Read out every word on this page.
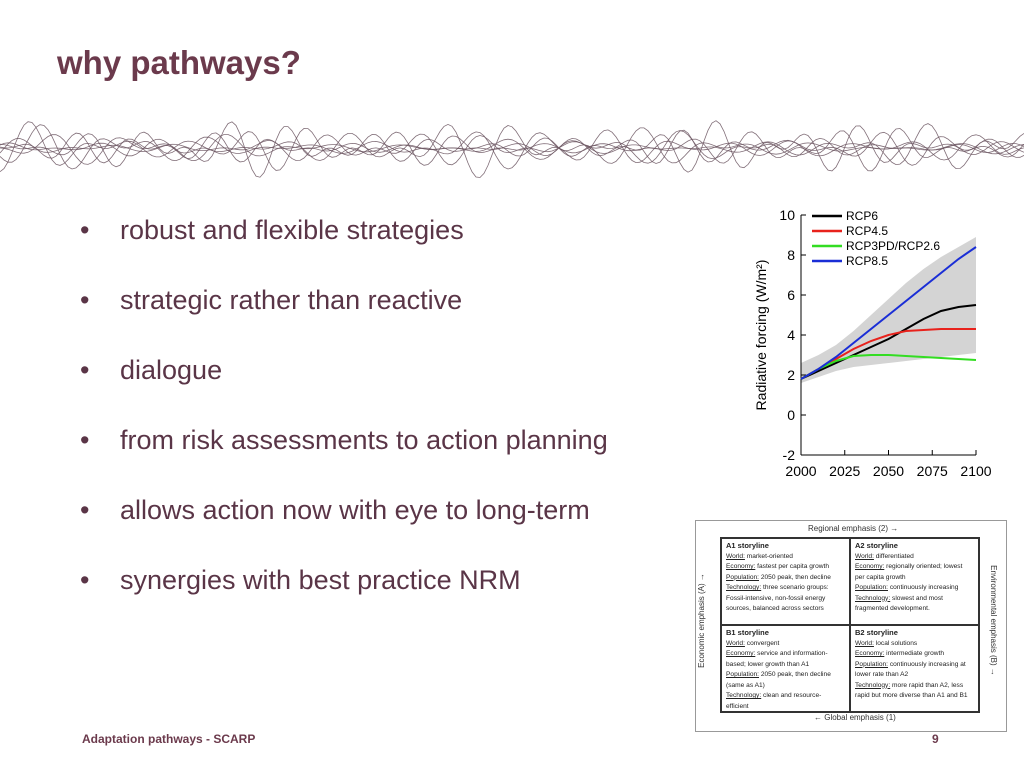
why pathways?
• robust and flexible strategies
• strategic rather than reactive
• dialogue
• from risk assessments to action planning
• allows action now with eye to long-term
• synergies with best practice NRM
-2
0
2
4
6
8
10
2000 2025 2050 2075 2100
Radiative forcing (W/m²)
RCP6
RCP4.5
RCP3PD/RCP2.6
RCP8.5
Regional emphasis (2) →
A1 storyline
World: market-oriented
Economy: fastest per capita growth
Population: 2050 peak, then decline
Technology: three scenario groups:
Fossil-intensive, non-fossil energy
sources, balanced across sectors
A2 storyline
World: differentiated
Economy: regionally oriented; lowest
per capita growth
Population: continuously increasing
Technology: slowest and most
fragmented development.
B1 storyline
World: convergent
Economy: service and information-
based; lower growth than A1
Population: 2050 peak, then decline
(same as A1)
Technology: clean and resource-
efficient
B2 storyline
World: local solutions
Economy: intermediate growth
Population: continuously increasing at
lower rate than A2
Technology: more rapid than A2, less
rapid but more diverse than A1 and B1
← Global emphasis (1)
Economic emphasis (A) →	Environmental emphasis (B) →
Adaptation pathways - SCARP	9
